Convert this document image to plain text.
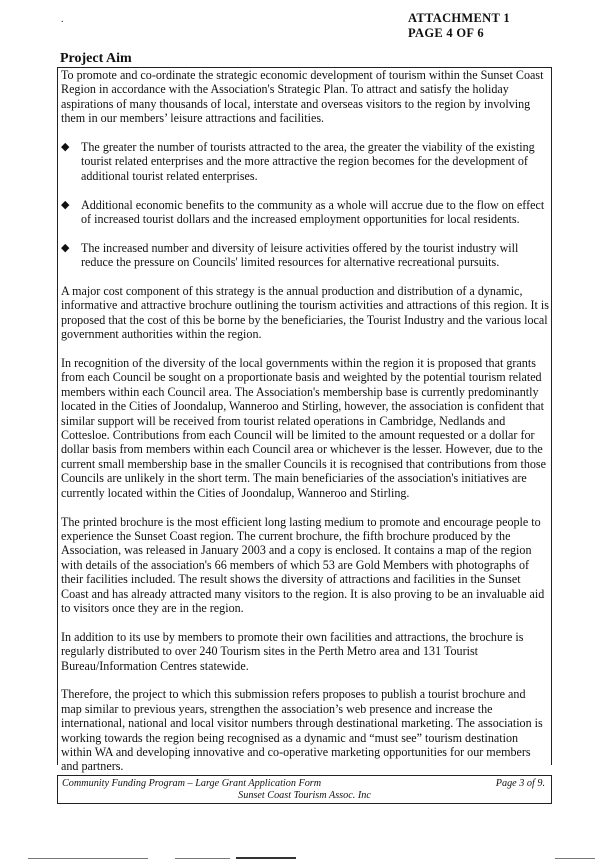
.	ATTACHMENT 1
PAGE 4 OF 6
Project Aim

To promote and co-ordinate the strategic economic development of tourism within the Sunset Coast Region in accordance with the Association's Strategic Plan. To attract and satisfy the holiday aspirations of many thousands of local, interstate and overseas visitors to the region by involving them in our members’ leisure attractions and facilities.

◆ The greater the number of tourists attracted to the area, the greater the viability of the existing tourist related enterprises and the more attractive the region becomes for the development of additional tourist related enterprises.
◆ Additional economic benefits to the community as a whole will accrue due to the flow on effect of increased tourist dollars and the increased employment opportunities for local residents.
◆ The increased number and diversity of leisure activities offered by the tourist industry will reduce the pressure on Councils' limited resources for alternative recreational pursuits.

A major cost component of this strategy is the annual production and distribution of a dynamic, informative and attractive brochure outlining the tourism activities and attractions of this region. It is proposed that the cost of this be borne by the beneficiaries, the Tourist Industry and the various local government authorities within the region.

In recognition of the diversity of the local governments within the region it is proposed that grants from each Council be sought on a proportionate basis and weighted by the potential tourism related members within each Council area. The Association's membership base is currently predominantly located in the Cities of Joondalup, Wanneroo and Stirling, however, the association is confident that similar support will be received from tourist related operations in Cambridge, Nedlands and Cottesloe. Contributions from each Council will be limited to the amount requested or a dollar for dollar basis from members within each Council area or whichever is the lesser. However, due to the current small membership base in the smaller Councils it is recognised that contributions from those Councils are unlikely in the short term. The main beneficiaries of the association's initiatives are currently located within the Cities of Joondalup, Wanneroo and Stirling.

The printed brochure is the most efficient long lasting medium to promote and encourage people to experience the Sunset Coast region. The current brochure, the fifth brochure produced by the Association, was released in January 2003 and a copy is enclosed. It contains a map of the region with details of the association's 66 members of which 53 are Gold Members with photographs of their facilities included. The result shows the diversity of attractions and facilities in the Sunset Coast and has already attracted many visitors to the region. It is also proving to be an invaluable aid to visitors once they are in the region.

In addition to its use by members to promote their own facilities and attractions, the brochure is regularly distributed to over 240 Tourism sites in the Perth Metro area and 131 Tourist Bureau/Information Centres statewide.

Therefore, the project to which this submission refers proposes to publish a tourist brochure and map similar to previous years, strengthen the association’s web presence and increase the international, national and local visitor numbers through destinational marketing. The association is working towards the region being recognised as a dynamic and “must see” tourism destination within WA and developing innovative and co-operative marketing opportunities for our members and partners.

Community Funding Program – Large Grant Application Form	Page 3 of 9.
Sunset Coast Tourism Assoc. Inc
